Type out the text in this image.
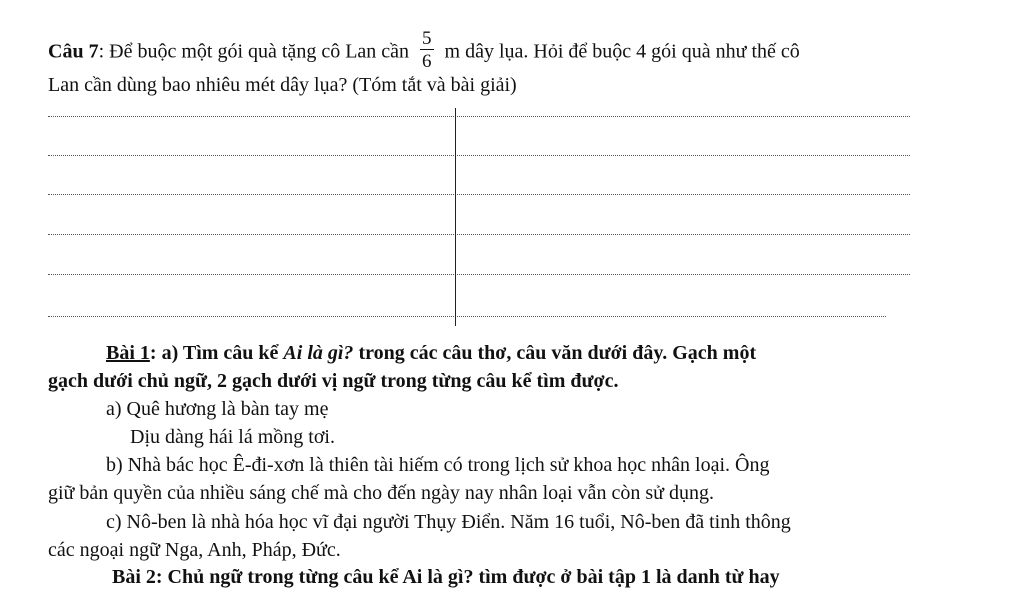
Câu 7: Để buộc một gói quà tặng cô Lan cần $\frac{5}{6}$ m dây lụa. Hỏi để buộc 4 gói quà như thế cô
Lan cần dùng bao nhiêu mét dây lụa? (Tóm tắt và bài giải)
Bài 1: a) Tìm câu kể Ai là gì? trong các câu thơ, câu văn dưới đây. Gạch một
gạch dưới chủ ngữ, 2 gạch dưới vị ngữ trong từng câu kể tìm được.
a) Quê hương là bàn tay mẹ
Dịu dàng hái lá mồng tơi.
b) Nhà bác học Ê-đi-xơn là thiên tài hiếm có trong lịch sử khoa học nhân loại. Ông
giữ bản quyền của nhiều sáng chế mà cho đến ngày nay nhân loại vẫn còn sử dụng.
c) Nô-ben là nhà hóa học vĩ đại người Thụy Điển. Năm 16 tuổi, Nô-ben đã tinh thông
các ngoại ngữ Nga, Anh, Pháp, Đức.
Bài 2: Chủ ngữ trong từng câu kể Ai là gì? tìm được ở bài tập 1 là danh từ hay
